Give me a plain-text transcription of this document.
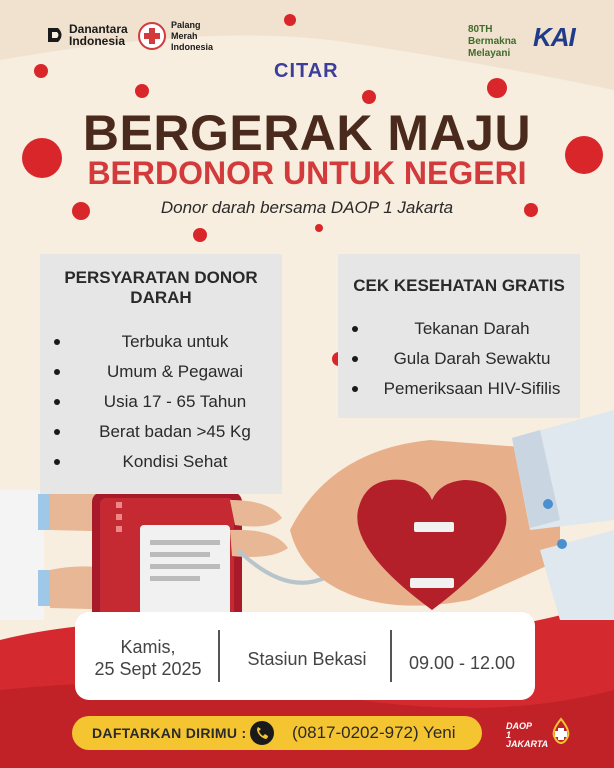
Danantara Indonesia
Palang Merah Indonesia
80TH Bermakna Melayani
KAI
CITAR
BERGERAK MAJU
BERDONOR UNTUK NEGERI
Donor darah bersama DAOP 1 Jakarta
PERSYARATAN DONOR DARAH
Terbuka untuk
Umum & Pegawai
Usia 17 - 65 Tahun
Berat badan >45 Kg
Kondisi Sehat
CEK KESEHATAN GRATIS
Tekanan Darah
Gula Darah Sewaktu
Pemeriksaan HIV-Sifilis
Kamis,
25 Sept 2025	Stasiun Bekasi	09.00 - 12.00
DAFTARKAN DIRIMU :	(0817-0202-972) Yeni	DAOP 1 JAKARTA
